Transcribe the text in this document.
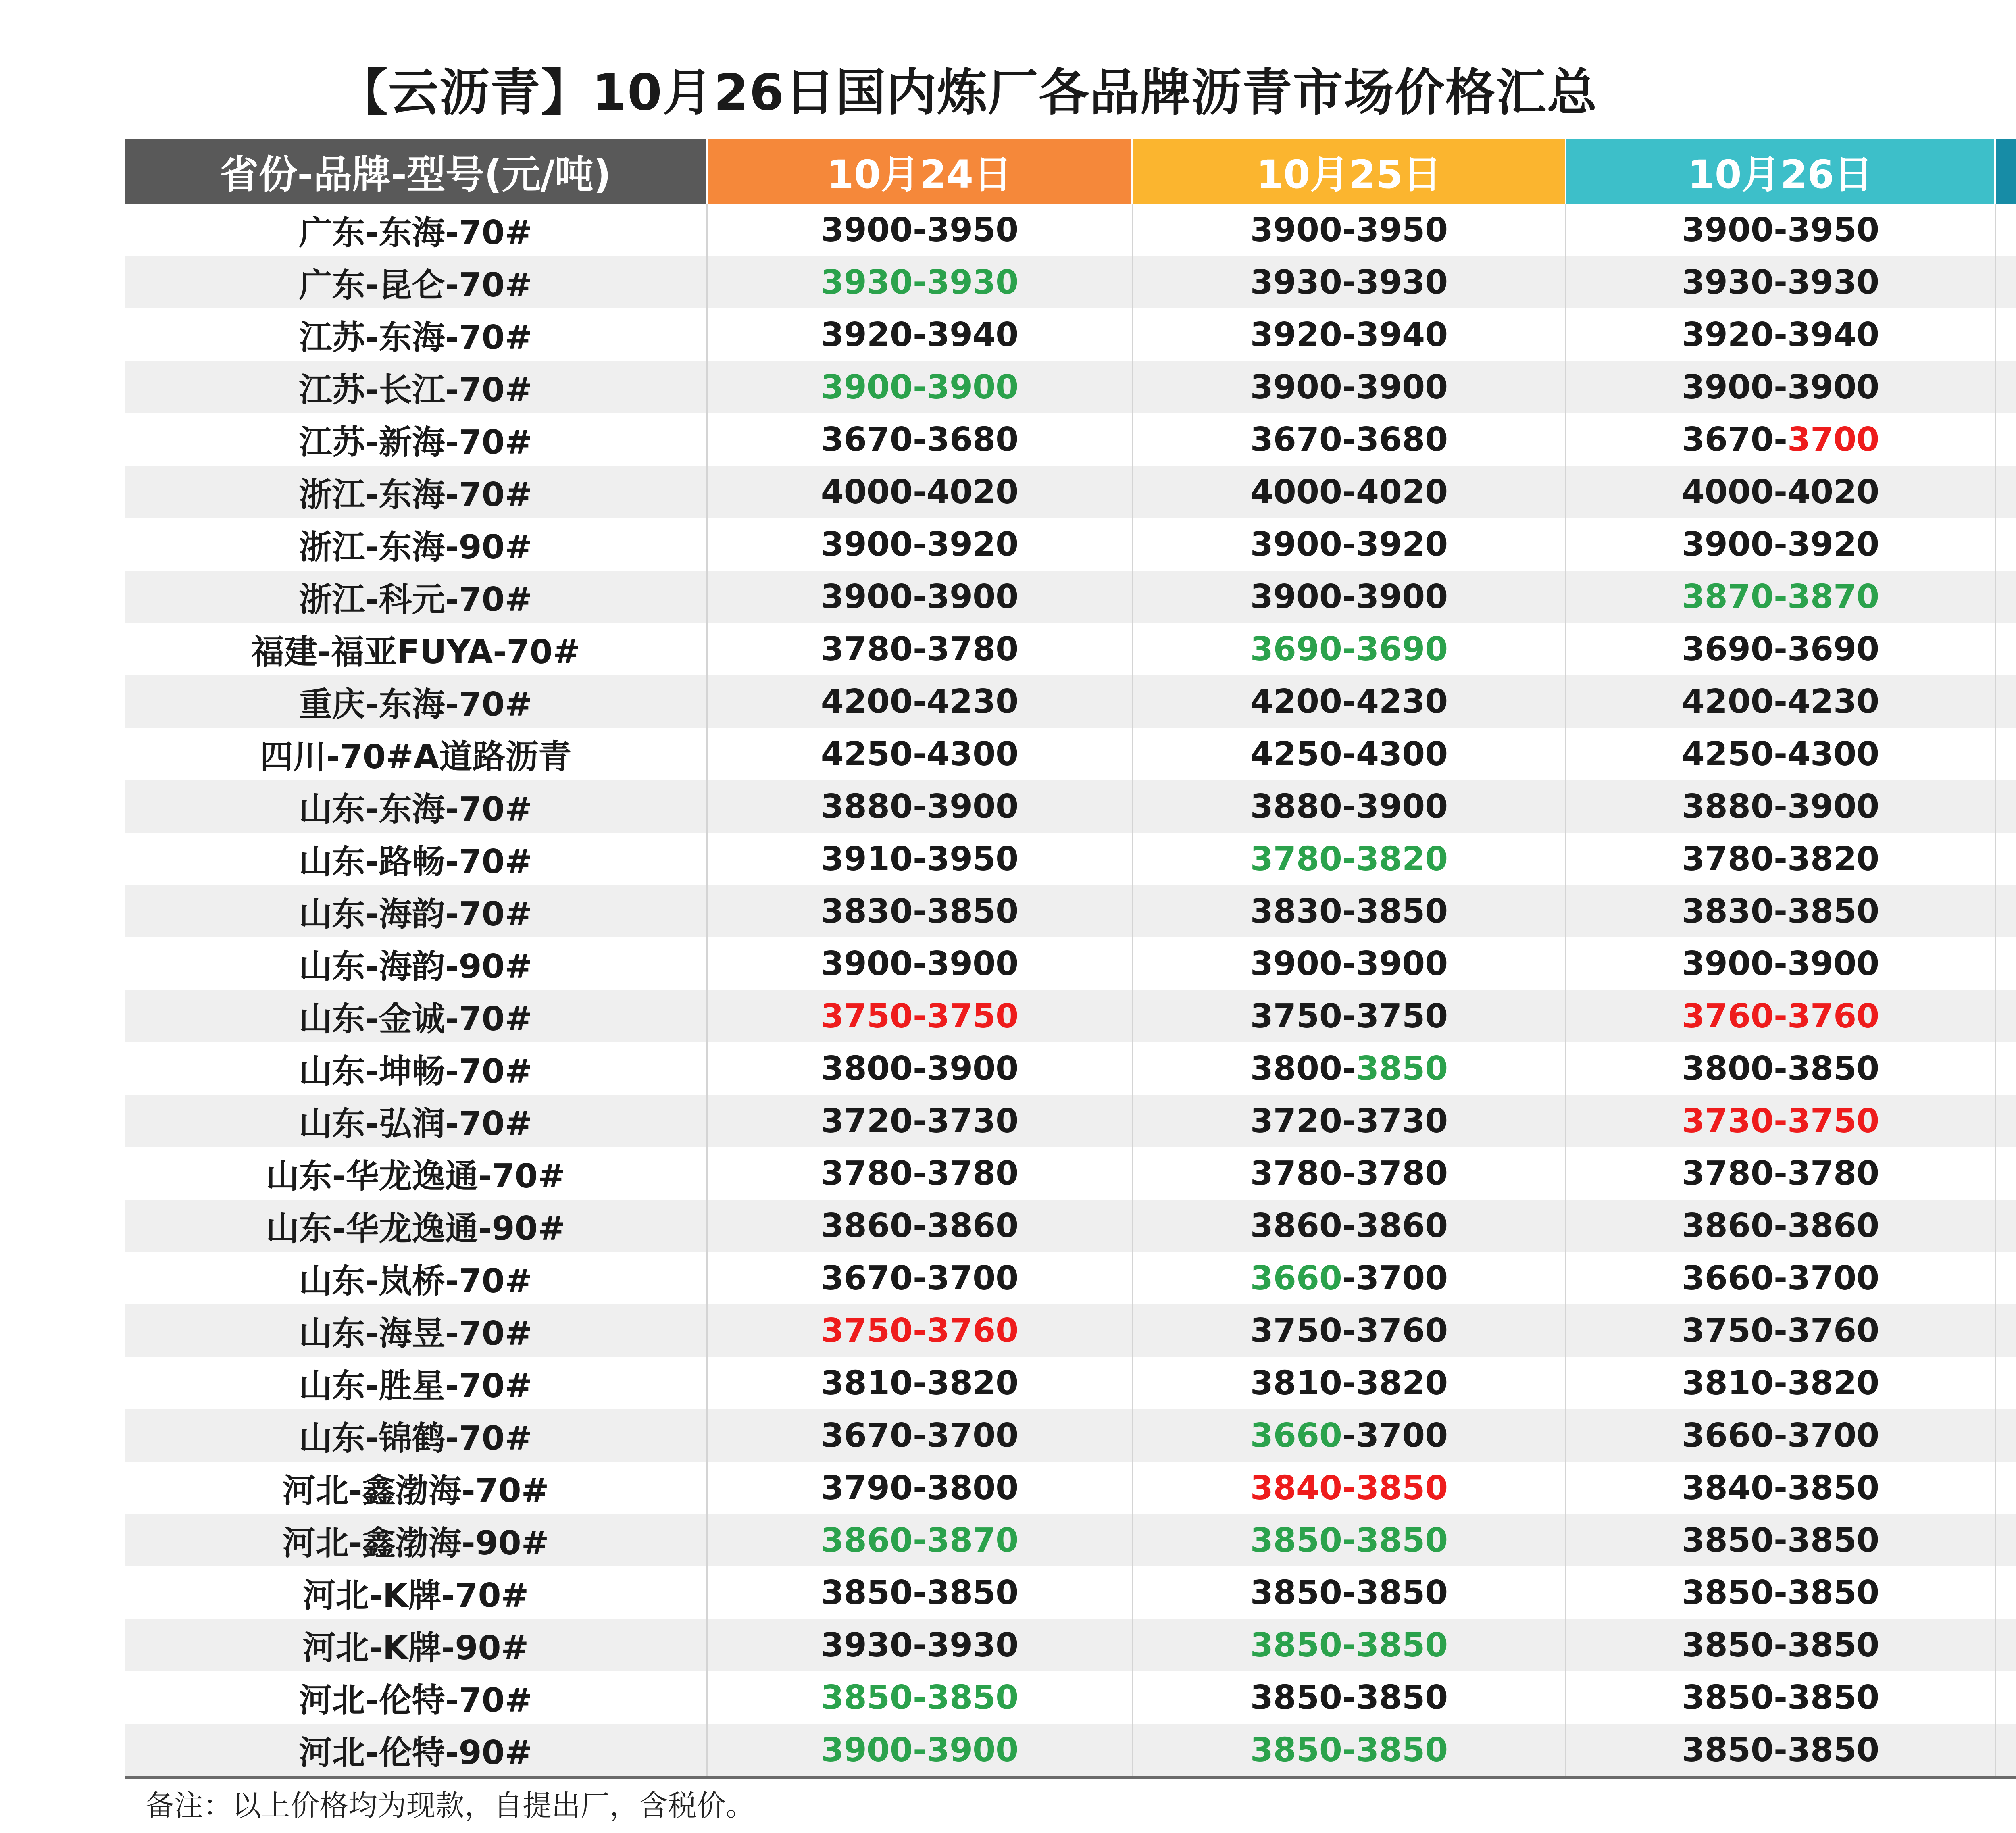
【云沥青】10月26日国内炼厂各品牌沥青市场价格汇总
省份-品牌-型号(元/吨)	10月24日	10月25日	10月26日
广东-东海-70#	3900-3950	3900-3950	3900-3950
广东-昆仑-70#	3930-3930	3930-3930	3930-3930
江苏-东海-70#	3920-3940	3920-3940	3920-3940
江苏-长江-70#	3900-3900	3900-3900	3900-3900
江苏-新海-70#	3670-3680	3670-3680	3670- 3700
浙江-东海-70#	4000-4020	4000-4020	4000-4020
浙江-东海-90#	3900-3920	3900-3920	3900-3920
浙江-科元-70#	3900-3900	3900-3900	3870-3870
福建-福亚FUYA-70#	3780-3780	3690-3690	3690-3690
重庆-东海-70#	4200-4230	4200-4230	4200-4230
四川-70#A道路沥青	4250-4300	4250-4300	4250-4300
山东-东海-70#	3880-3900	3880-3900	3880-3900
山东-路畅-70#	3910-3950	3780-3820	3780-3820
山东-海韵-70#	3830-3850	3830-3850	3830-3850
山东-海韵-90#	3900-3900	3900-3900	3900-3900
山东-金诚-70#	3750-3750	3750-3750	3760-3760
山东-坤畅-70#	3800-3900	3800- 3850	3800-3850
山东-弘润-70#	3720-3730	3720-3730	3730-3750
山东-华龙逸通-70#	3780-3780	3780-3780	3780-3780
山东-华龙逸通-90#	3860-3860	3860-3860	3860-3860
山东-岚桥-70#	3670-3700	3660 -3700	3660-3700
山东-海昱-70#	3750-3760	3750-3760	3750-3760
山东-胜星-70#	3810-3820	3810-3820	3810-3820
山东-锦鹤-70#	3670-3700	3660 -3700	3660-3700
河北-鑫渤海-70#	3790-3800	3840-3850	3840-3850
河北-鑫渤海-90#	3860-3870	3850-3850	3850-3850
河北-K牌-70#	3850-3850	3850-3850	3850-3850
河北-K牌-90#	3930-3930	3850-3850	3850-3850
河北-伦特-70#	3850-3850	3850-3850	3850-3850
河北-伦特-90#	3900-3900	3850-3850	3850-3850
备注：以上价格均为现款，自提出厂，含税价。
